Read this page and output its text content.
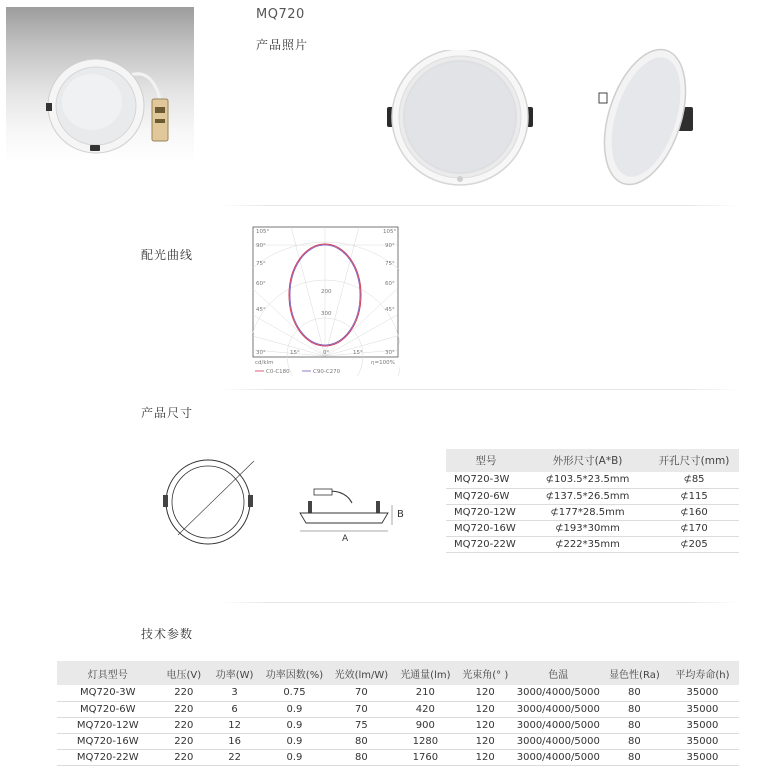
MQ720
产品照片
配光曲线
105°
90°
75°
60°
45°
30°
105°
90°
75°
60°
45°
30°
15°	0°	15°
200
300
cd/klm	η=100%
C0-C180	C90-C270
产品尺寸
B
A
型号	外形尺寸(A*B)	开孔尺寸(mm)
MQ720-3W	⊄103.5*23.5mm	⊄85
MQ720-6W	⊄137.5*26.5mm	⊄115
MQ720-12W	⊄177*28.5mm	⊄160
MQ720-16W	⊄193*30mm	⊄170
MQ720-22W	⊄222*35mm	⊄205
技术参数
灯具型号	电压(V)	功率(W)	功率因数(%)	光效(lm/W)	光通量(lm)	光束角(° )	色温	显色性(Ra)	平均寿命(h)
MQ720-3W	220	3	0.75	70	210	120	3000/4000/5000	80	35000
MQ720-6W	220	6	0.9	70	420	120	3000/4000/5000	80	35000
MQ720-12W	220	12	0.9	75	900	120	3000/4000/5000	80	35000
MQ720-16W	220	16	0.9	80	1280	120	3000/4000/5000	80	35000
MQ720-22W	220	22	0.9	80	1760	120	3000/4000/5000	80	35000
